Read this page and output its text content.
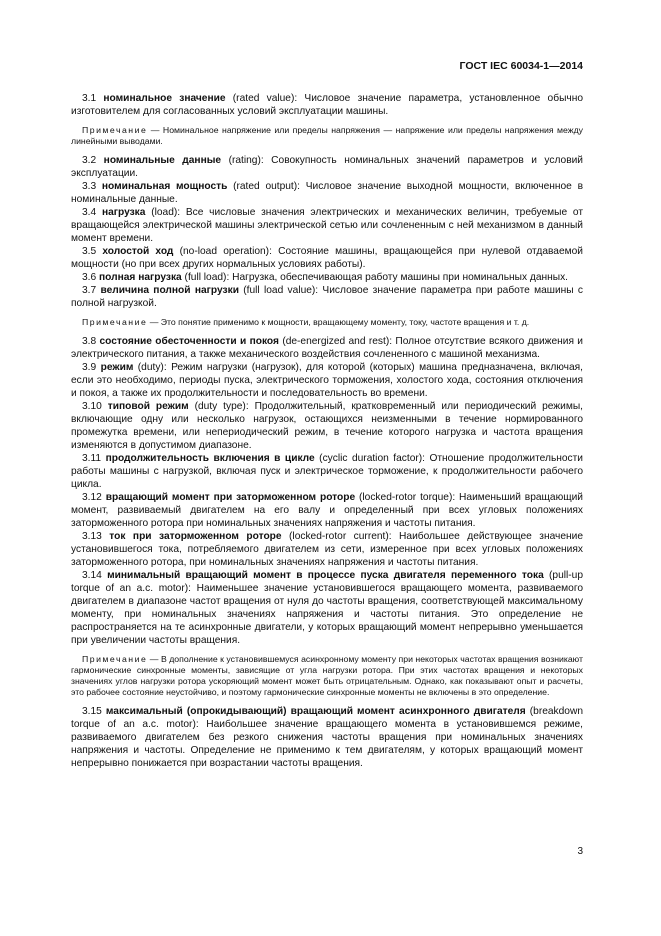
ГОСТ IEC 60034-1—2014

3.1 номинальное значение (rated value): Числовое значение параметра, установленное обычно изготовителем для согласованных условий эксплуатации машины.

Примечание — Номинальное напряжение или пределы напряжения — напряжение или пределы напряжения между линейными выводами.

3.2 номинальные данные (rating): Совокупность номинальных значений параметров и условий эксплуатации.

3.3 номинальная мощность (rated output): Числовое значение выходной мощности, включенное в номинальные данные.

3.4 нагрузка (load): Все числовые значения электрических и механических величин, требуемые от вращающейся электрической машины электрической сетью или сочлененным с ней механизмом в данный момент времени.

3.5 холостой ход (no-load operation): Состояние машины, вращающейся при нулевой отдаваемой мощности (но при всех других нормальных условиях работы).

3.6 полная нагрузка (full load): Нагрузка, обеспечивающая работу машины при номинальных данных.

3.7 величина полной нагрузки (full load value): Числовое значение параметра при работе машины с полной нагрузкой.

Примечание — Это понятие применимо к мощности, вращающему моменту, току, частоте вращения и т. д.

3.8 состояние обесточенности и покоя (de-energized and rest): Полное отсутствие всякого движения и электрического питания, а также механического воздействия сочлененного с машиной механизма.

3.9 режим (duty): Режим нагрузки (нагрузок), для которой (которых) машина предназначена, включая, если это необходимо, периоды пуска, электрического торможения, холостого хода, состояния отключения и покоя, а также их продолжительности и последовательность во времени.

3.10 типовой режим (duty type): Продолжительный, кратковременный или периодический режимы, включающие одну или несколько нагрузок, остающихся неизменными в течение нормированного промежутка времени, или непериодический режим, в течение которого нагрузка и частота вращения изменяются в допустимом диапазоне.

3.11 продолжительность включения в цикле (cyclic duration factor): Отношение продолжительности работы машины с нагрузкой, включая пуск и электрическое торможение, к продолжительности рабочего цикла.

3.12 вращающий момент при заторможенном роторе (locked-rotor torque): Наименьший вращающий момент, развиваемый двигателем на его валу и определенный при всех угловых положениях заторможенного ротора при номинальных значениях напряжения и частоты питания.

3.13 ток при заторможенном роторе (locked-rotor current): Наибольшее действующее значение установившегося тока, потребляемого двигателем из сети, измеренное при всех угловых положениях заторможенного ротора, при номинальных значениях напряжения и частоты питания.

3.14 минимальный вращающий момент в процессе пуска двигателя переменного тока (pull-up torque of an a.c. motor): Наименьшее значение установившегося вращающего момента, развиваемого двигателем в диапазоне частот вращения от нуля до частоты вращения, соответствующей максимальному моменту, при номинальных значениях напряжения и частоты питания. Это определение не распространяется на те асинхронные двигатели, у которых вращающий момент непрерывно уменьшается при увеличении частоты вращения.

Примечание — В дополнение к установившемуся асинхронному моменту при некоторых частотах вращения возникают гармонические синхронные моменты, зависящие от угла нагрузки ротора. При этих частотах вращения и некоторых значениях углов нагрузки ротора ускоряющий момент может быть отрицательным. Однако, как показывают опыт и расчеты, это рабочее состояние неустойчиво, и поэтому гармонические синхронные моменты не включены в это определение.

3.15 максимальный (опрокидывающий) вращающий момент асинхронного двигателя (breakdown torque of an a.c. motor): Наибольшее значение вращающего момента в установившемся режиме, развиваемого двигателем без резкого снижения частоты вращения при номинальных значениях напряжения и частоты. Определение не применимо к тем двигателям, у которых вращающий момент непрерывно понижается при возрастании частоты вращения.

3
